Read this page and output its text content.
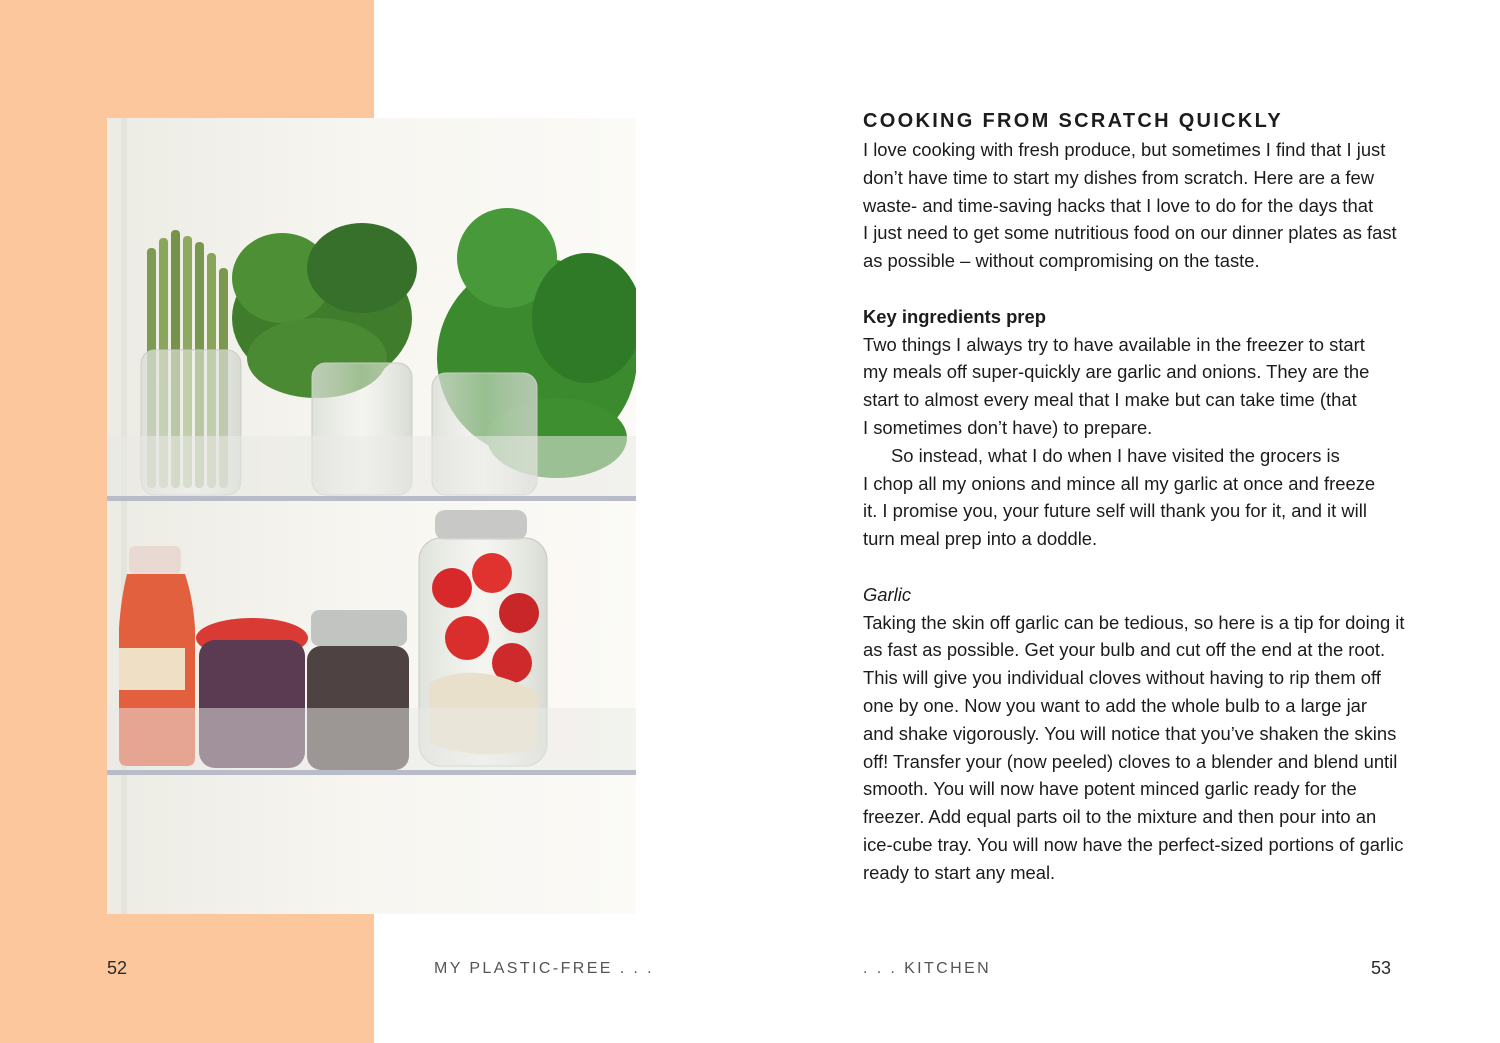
52	MY PLASTIC-FREE . . .	. . . KITCHEN	53
COOKING FROM SCRATCH QUICKLY

I love cooking with fresh produce, but sometimes I find that I just

don’t have time to start my dishes from scratch. Here are a few

waste- and time-saving hacks that I love to do for the days that

I just need to get some nutritious food on our dinner plates as fast

as possible – without compromising on the taste.

Key ingredients prep

Two things I always try to have available in the freezer to start

my meals off super-quickly are garlic and onions. They are the

start to almost every meal that I make but can take time (that

I sometimes don’t have) to prepare.

So instead, what I do when I have visited the grocers is

I chop all my onions and mince all my garlic at once and freeze

it. I promise you, your future self will thank you for it, and it will

turn meal prep into a doddle.

Garlic

Taking the skin off garlic can be tedious, so here is a tip for doing it

as fast as possible. Get your bulb and cut off the end at the root.

This will give you individual cloves without having to rip them off

one by one. Now you want to add the whole bulb to a large jar

and shake vigorously. You will notice that you’ve shaken the skins

off! Transfer your (now peeled) cloves to a blender and blend until

smooth. You will now have potent minced garlic ready for the

freezer. Add equal parts oil to the mixture and then pour into an

ice-cube tray. You will now have the perfect-sized portions of garlic

ready to start any meal.
